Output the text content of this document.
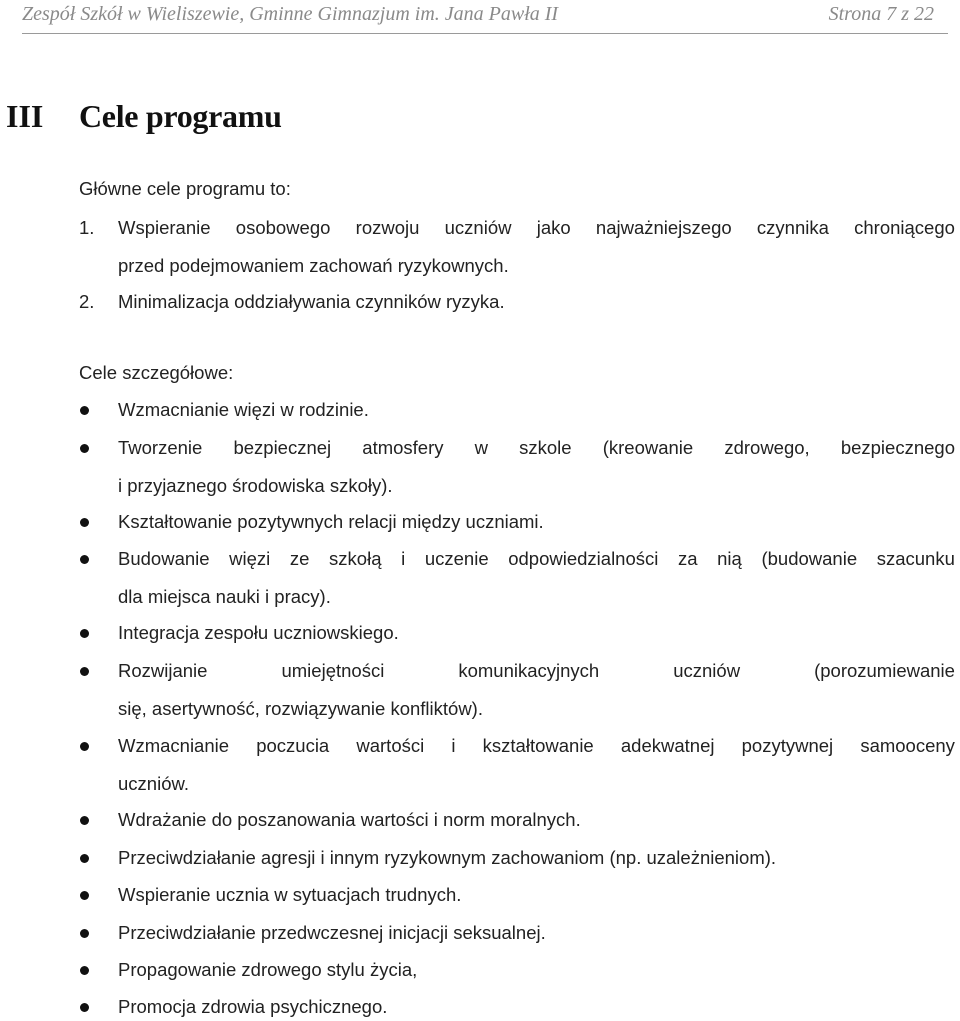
Zespół Szkół w Wieliszewie, Gminne Gimnazjum im. Jana Pawła II	Strona 7 z 22
III Cele programu
Główne cele programu to:
1. Wspieranie osobowego rozwoju uczniów jako najważniejszego czynnika chroniącego
przed podejmowaniem zachowań ryzykownych.
2. Minimalizacja oddziaływania czynników ryzyka.
Cele szczegółowe:
Wzmacnianie więzi w rodzinie.
Tworzenie bezpiecznej atmosfery w szkole (kreowanie zdrowego, bezpiecznego
i przyjaznego środowiska szkoły).
Kształtowanie pozytywnych relacji między uczniami.
Budowanie więzi ze szkołą i uczenie odpowiedzialności za nią (budowanie szacunku
dla miejsca nauki i pracy).
Integracja zespołu uczniowskiego.
Rozwijanie	umiejętności	komunikacyjnych	uczniów	(porozumiewanie
się, asertywność, rozwiązywanie konfliktów).
Wzmacnianie poczucia wartości i kształtowanie adekwatnej pozytywnej samooceny
uczniów.
Wdrażanie do poszanowania wartości i norm moralnych.
Przeciwdziałanie agresji i innym ryzykownym zachowaniom (np. uzależnieniom).
Wspieranie ucznia w sytuacjach trudnych.
Przeciwdziałanie przedwczesnej inicjacji seksualnej.
Propagowanie zdrowego stylu życia,
Promocja zdrowia psychicznego.
